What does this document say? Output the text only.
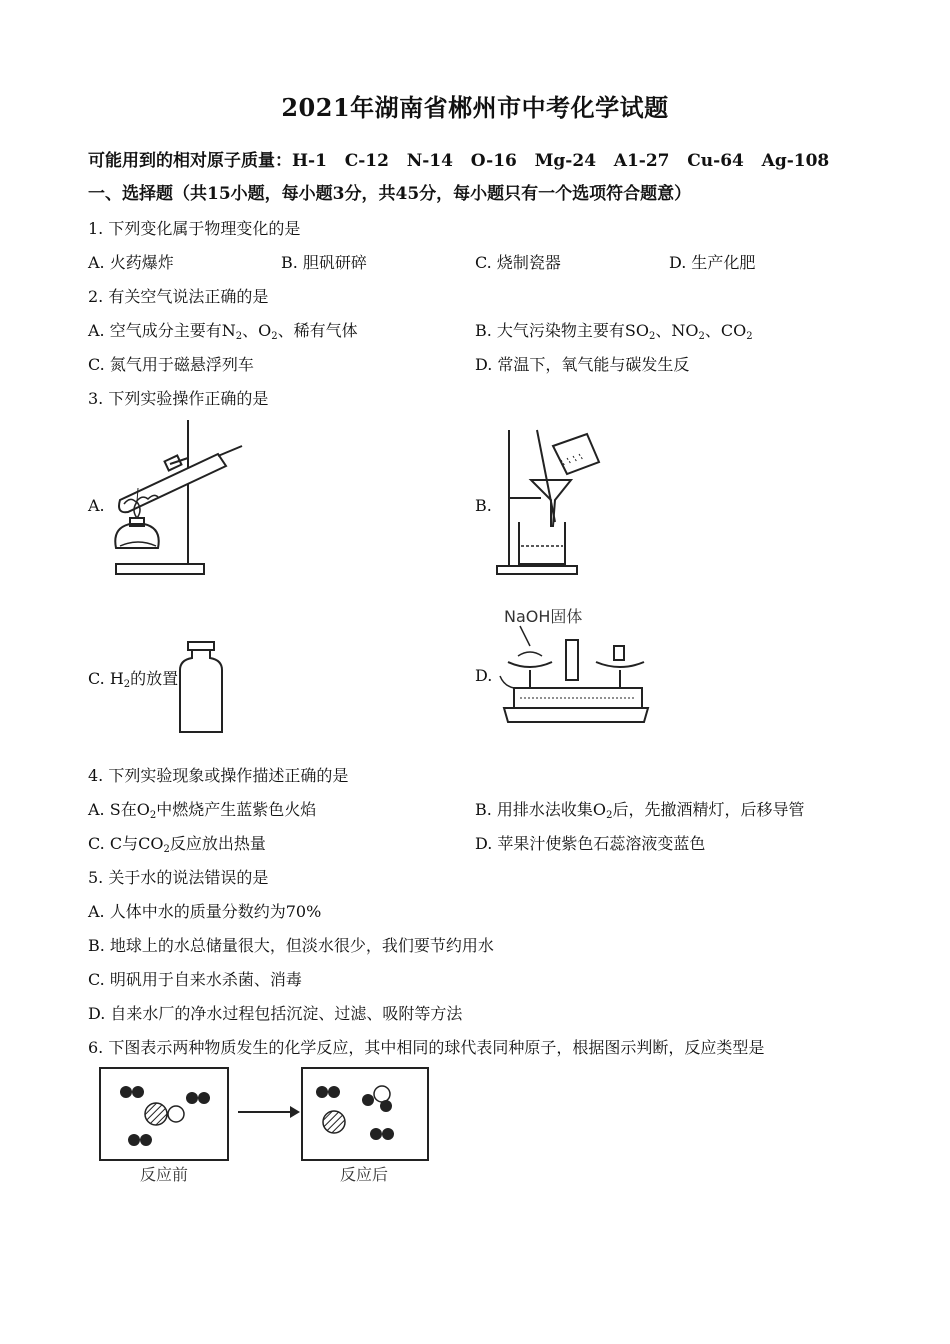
2021年湖南省郴州市中考化学试题
可能用到的相对原子质量：H-1   C-12   N-14   O-16   Mg-24   A1-27   Cu-64   Ag-108
一、选择题（共15小题，每小题3分，共45分，每小题只有一个选项符合题意）
1. 下列变化属于物理变化的是
A. 火药爆炸	B. 胆矾研碎	C. 烧制瓷器	D. 生产化肥
2. 有关空气说法正确的是
A. 空气成分主要有$N_2$、$O_2$、稀有气体	B. 大气污染物主要有$SO_2$、$NO_2$、$CO_2$
C. 氮气用于磁悬浮列车	D. 常温下，氧气能与碳发生反
3. 下列实验操作正确的是
A.	B.
C. $H_2$的放置	D.
NaOH固体
4. 下列实验现象或操作描述正确的是
A. S在$O_2$中燃烧产生蓝紫色火焰	B. 用排水法收集$O_2$后，先撤酒精灯，后移导管
C. C与$CO_2$反应放出热量	D. 苹果汁使紫色石蕊溶液变蓝色
5. 关于水的说法错误的是
A. 人体中水的质量分数约为70%
B. 地球上的水总储量很大，但淡水很少，我们要节约用水
C. 明矾用于自来水杀菌、消毒
D. 自来水厂的净水过程包括沉淀、过滤、吸附等方法
6. 下图表示两种物质发生的化学反应，其中相同的球代表同种原子，根据图示判断，反应类型是
反应前	反应后
